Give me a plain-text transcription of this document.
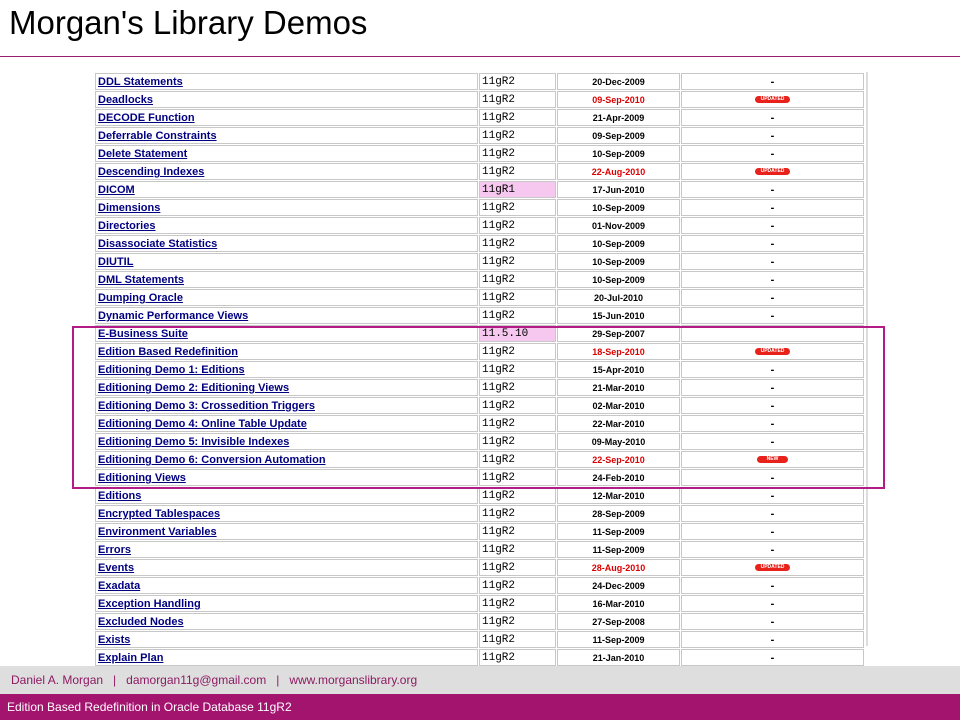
Morgan's Library Demos
DDL Statements	11gR2	20-Dec-2009	-
Deadlocks	11gR2	09-Sep-2010	UPDATED
DECODE Function	11gR2	21-Apr-2009	-
Deferrable Constraints	11gR2	09-Sep-2009	-
Delete Statement	11gR2	10-Sep-2009	-
Descending Indexes	11gR2	22-Aug-2010	UPDATED
DICOM	11gR1	17-Jun-2010	-
Dimensions	11gR2	10-Sep-2009	-
Directories	11gR2	01-Nov-2009	-
Disassociate Statistics	11gR2	10-Sep-2009	-
DIUTIL	11gR2	10-Sep-2009	-
DML Statements	11gR2	10-Sep-2009	-
Dumping Oracle	11gR2	20-Jul-2010	-
Dynamic Performance Views	11gR2	15-Jun-2010	-
E-Business Suite	11.5.10	29-Sep-2007	
Edition Based Redefinition	11gR2	18-Sep-2010	UPDATED
Editioning Demo 1: Editions	11gR2	15-Apr-2010	-
Editioning Demo 2: Editioning Views	11gR2	21-Mar-2010	-
Editioning Demo 3: Crossedition Triggers	11gR2	02-Mar-2010	-
Editioning Demo 4: Online Table Update	11gR2	22-Mar-2010	-
Editioning Demo 5: Invisible Indexes	11gR2	09-May-2010	-
Editioning Demo 6: Conversion Automation	11gR2	22-Sep-2010	NEW
Editioning Views	11gR2	24-Feb-2010	-
Editions	11gR2	12-Mar-2010	-
Encrypted Tablespaces	11gR2	28-Sep-2009	-
Environment Variables	11gR2	11-Sep-2009	-
Errors	11gR2	11-Sep-2009	-
Events	11gR2	28-Aug-2010	UPDATED
Exadata	11gR2	24-Dec-2009	-
Exception Handling	11gR2	16-Mar-2010	-
Excluded Nodes	11gR2	27-Sep-2008	-
Exists	11gR2	11-Sep-2009	-
Explain Plan	11gR2	21-Jan-2010	-
Daniel A. Morgan   |   damorgan11g@gmail.com   |   www.morganslibrary.org
Edition Based Redefinition in Oracle Database 11gR2
